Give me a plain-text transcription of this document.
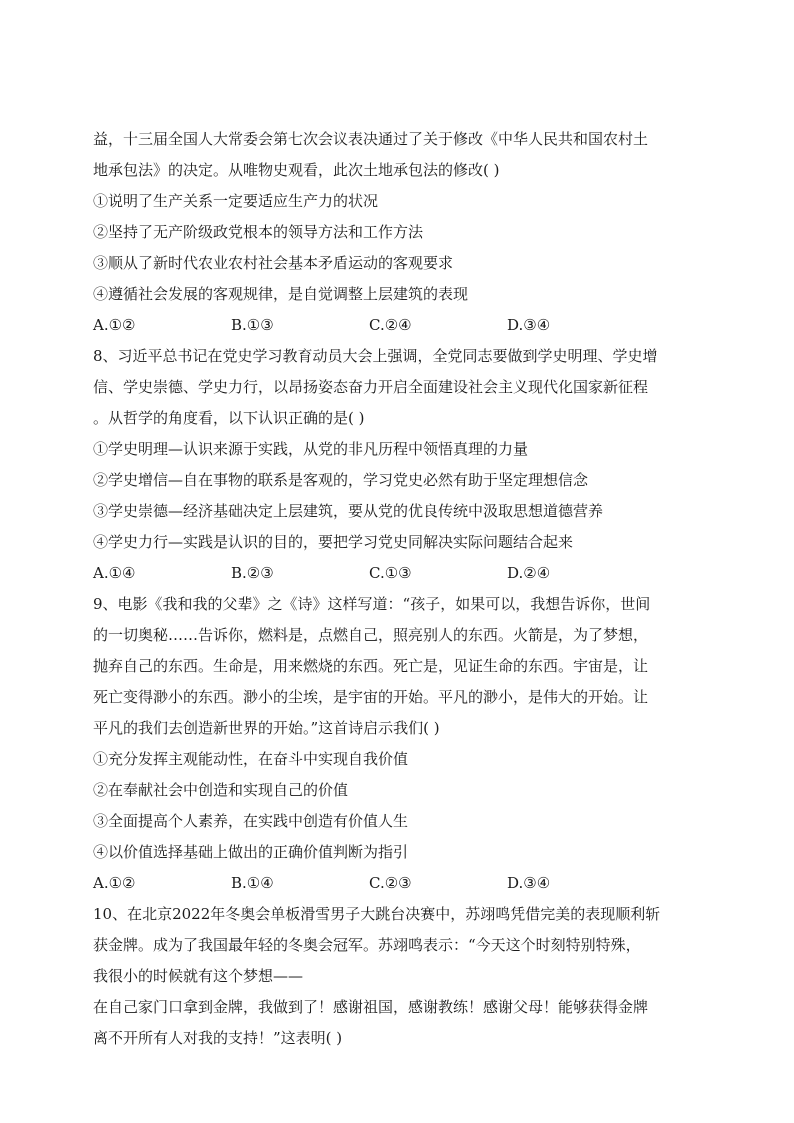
益，十三届全国人大常委会第七次会议表决通过了关于修改《中华人民共和国农村土
地承包法》的决定。从唯物史观看，此次土地承包法的修改( )
①说明了生产关系一定要适应生产力的状况
②坚持了无产阶级政党根本的领导方法和工作方法
③顺从了新时代农业农村社会基本矛盾运动的客观要求
④遵循社会发展的客观规律，是自觉调整上层建筑的表现
A.①②	B.①③	C.②④	D.③④
8、习近平总书记在党史学习教育动员大会上强调，全党同志要做到学史明理、学史增
信、学史崇德、学史力行，以昂扬姿态奋力开启全面建设社会主义现代化国家新征程
。从哲学的角度看，以下认识正确的是( )
①学史明理—认识来源于实践，从党的非凡历程中领悟真理的力量
②学史增信—自在事物的联系是客观的，学习党史必然有助于坚定理想信念
③学史崇德—经济基础决定上层建筑，要从党的优良传统中汲取思想道德营养
④学史力行—实践是认识的目的，要把学习党史同解决实际问题结合起来
A.①④	B.②③	C.①③	D.②④
9、电影《我和我的父辈》之《诗》这样写道：“孩子，如果可以，我想告诉你，世间
的一切奥秘……告诉你，燃料是，点燃自己，照亮别人的东西。火箭是，为了梦想，
抛弃自己的东西。生命是，用来燃烧的东西。死亡是，见证生命的东西。宇宙是，让
死亡变得渺小的东西。渺小的尘埃，是宇宙的开始。平凡的渺小，是伟大的开始。让
平凡的我们去创造新世界的开始。”这首诗启示我们( )
①充分发挥主观能动性，在奋斗中实现自我价值
②在奉献社会中创造和实现自己的价值
③全面提高个人素养，在实践中创造有价值人生
④以价值选择基础上做出的正确价值判断为指引
A.①②	B.①④	C.②③	D.③④
10、在北京2022年冬奥会单板滑雪男子大跳台决赛中，苏翊鸣凭借完美的表现顺利斩
获金牌。成为了我国最年轻的冬奥会冠军。苏翊鸣表示：“今天这个时刻特别特殊，
我很小的时候就有这个梦想——
在自己家门口拿到金牌，我做到了！感谢祖国，感谢教练！感谢父母！能够获得金牌
离不开所有人对我的支持！”这表明( )
